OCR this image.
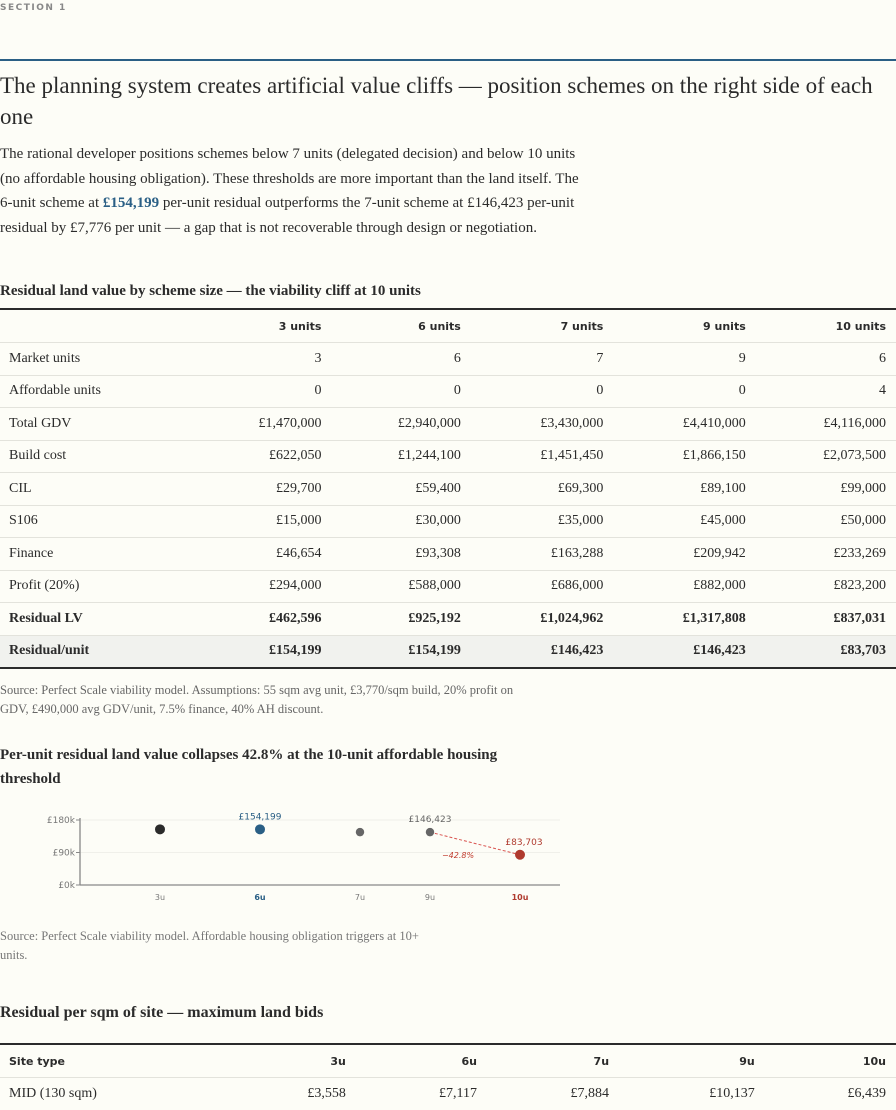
SECTION 1
The planning system creates artificial value cliffs — position schemes on the right side of each one

The rational developer positions schemes below 7 units (delegated decision) and below 10 units (no affordable housing obligation). These thresholds are more important than the land itself. The 6-unit scheme at £154,199 per-unit residual outperforms the 7-unit scheme at £146,423 per-unit residual by £7,776 per unit — a gap that is not recoverable through design or negotiation.

Residual land value by scheme size — the viability cliff at 10 units

	3 units	6 units	7 units	9 units	10 units
Market units	3	6	7	9	6
Affordable units	0	0	0	0	4
Total GDV	£1,470,000	£2,940,000	£3,430,000	£4,410,000	£4,116,000
Build cost	£622,050	£1,244,100	£1,451,450	£1,866,150	£2,073,500
CIL	£29,700	£59,400	£69,300	£89,100	£99,000
S106	£15,000	£30,000	£35,000	£45,000	£50,000
Finance	£46,654	£93,308	£163,288	£209,942	£233,269
Profit (20%)	£294,000	£588,000	£686,000	£882,000	£823,200
Residual LV	£462,596	£925,192	£1,024,962	£1,317,808	£837,031
Residual/unit	£154,199	£154,199	£146,423	£146,423	£83,703

Source: Perfect Scale viability model. Assumptions: 55 sqm avg unit, £3,770/sqm build, 20% profit on GDV, £490,000 avg GDV/unit, 7.5% finance, 40% AH discount.

Per-unit residual land value collapses 42.8% at the 10-unit affordable housing threshold

£0k
£90k
£180k
−42.8%
3u	6u
£154,199
7u	9u
£146,423
10u
£83,703

Source: Perfect Scale viability model. Affordable housing obligation triggers at 10+ units.

Residual per sqm of site — maximum land bids

Site type	3u	6u	7u	9u	10u
MID (130 sqm)	£3,558	£7,117	£7,884	£10,137	£6,439
